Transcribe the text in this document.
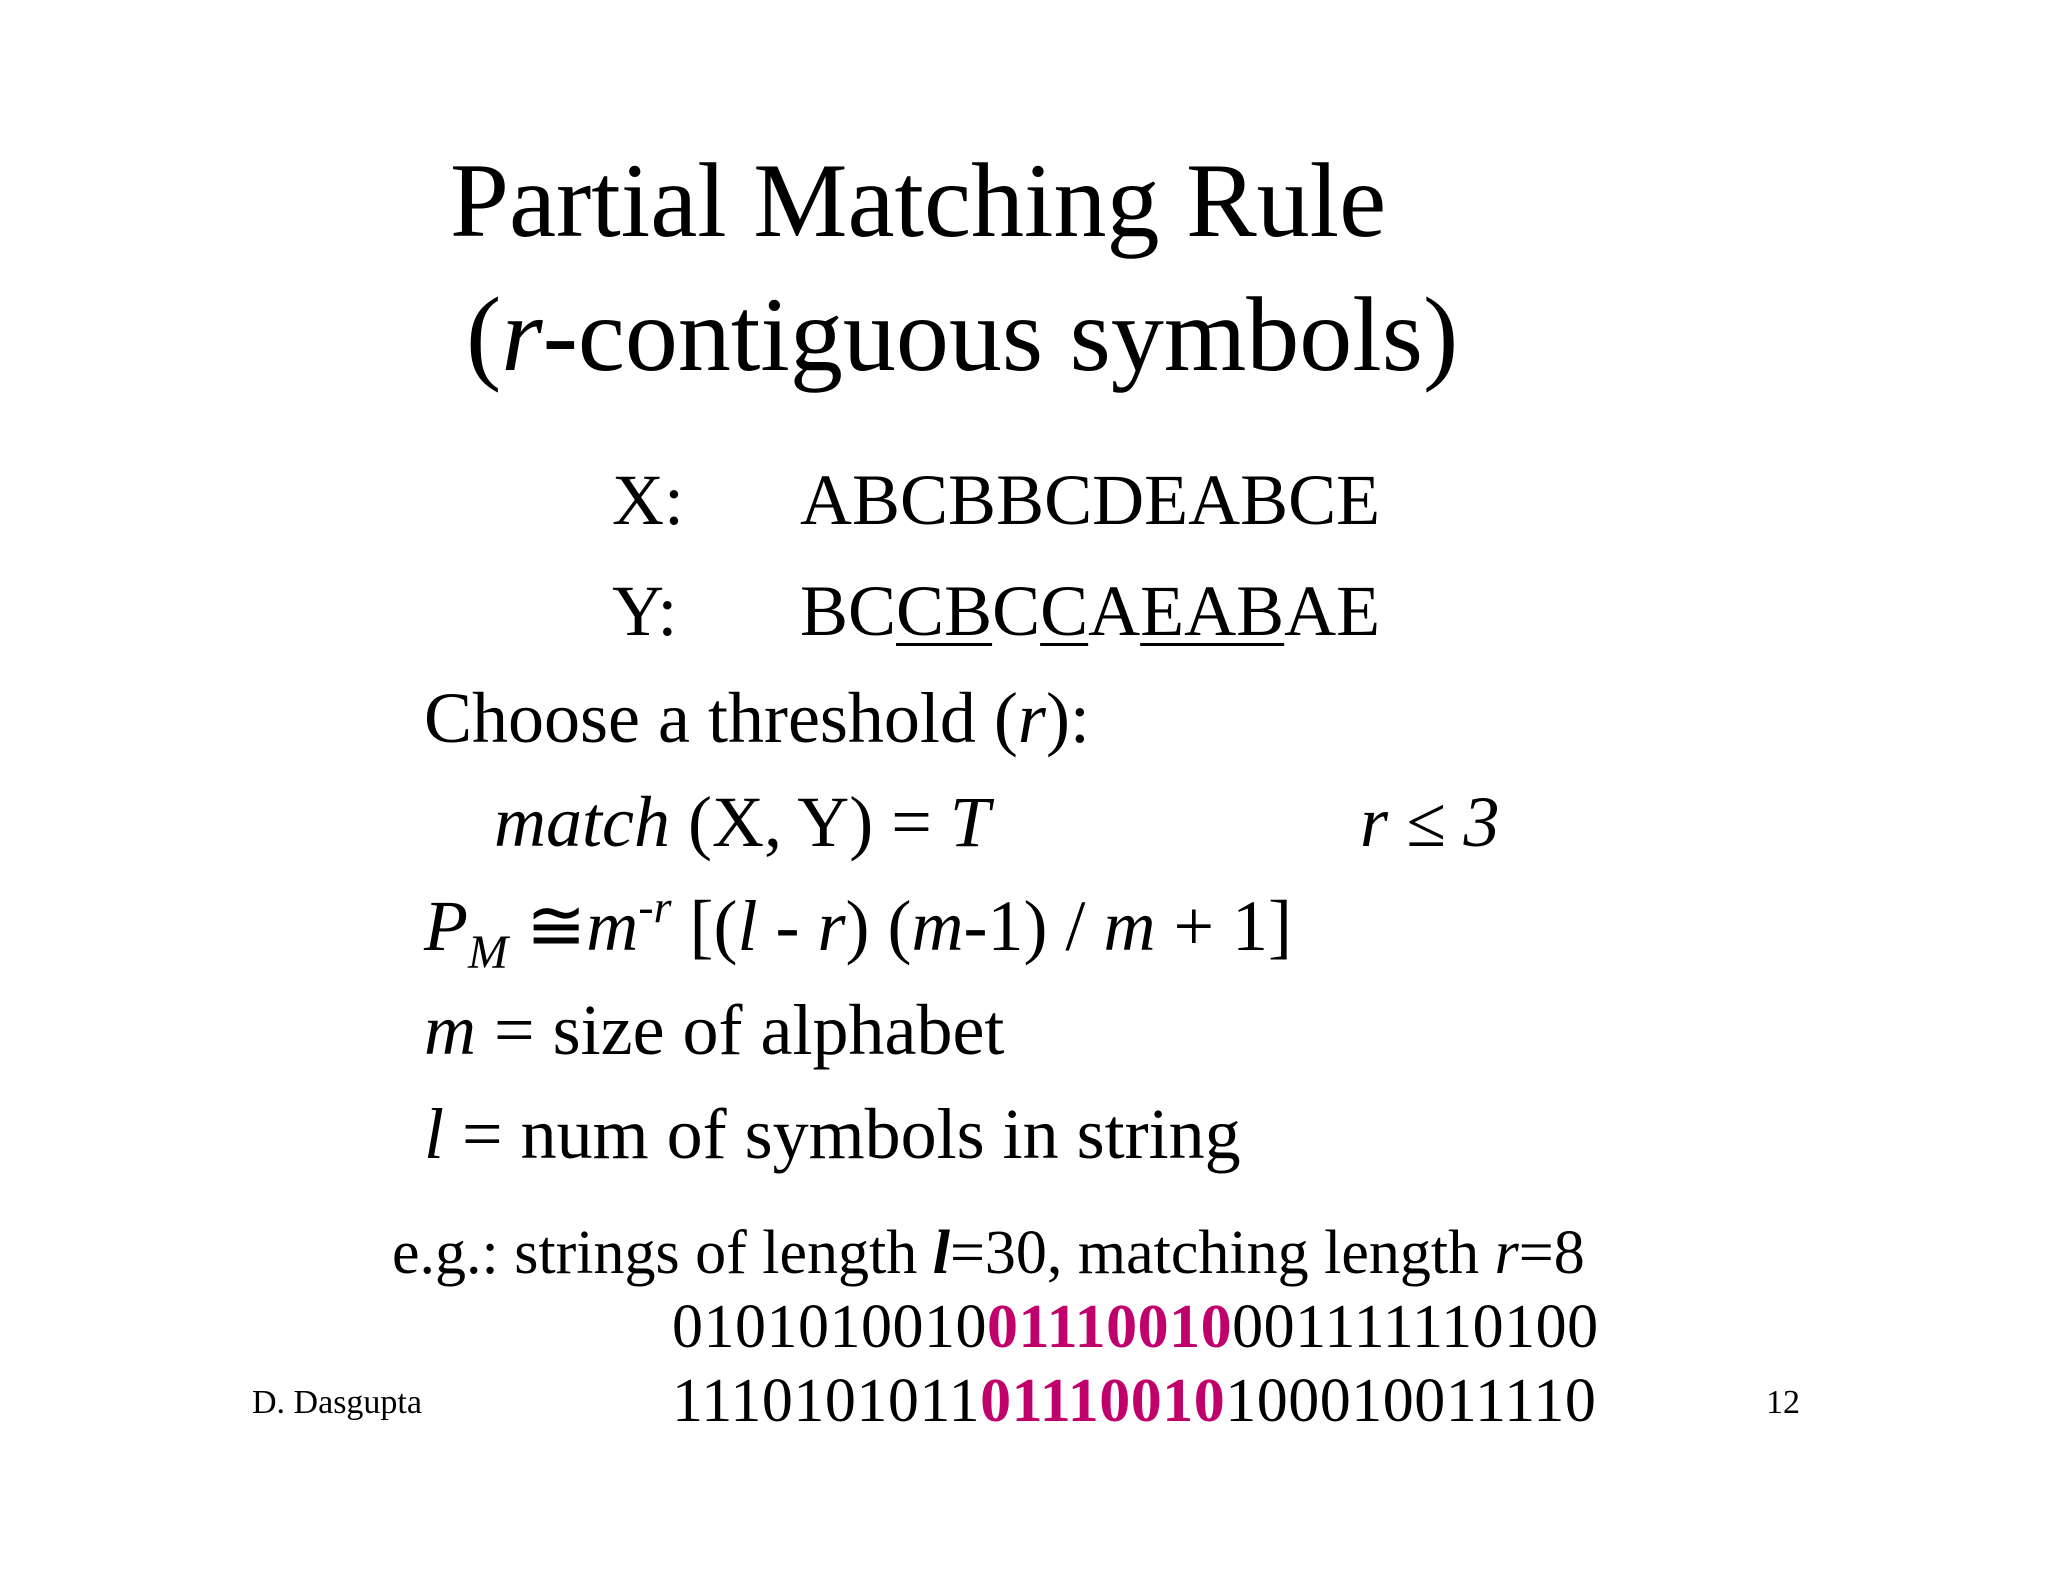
Partial Matching Rule
(r-contiguous symbols)
X: ABCBBCDEABCE
Y: BCCBCCAEABAE
Choose a threshold (r):
match (X, Y) = T	r ≤ 3
$P_M$ $≅m^{-r}$ [(l - r) (m-1) / m + 1]
m = size of alphabet
l = num of symbols in string
e.g.: strings of length l=30, matching length r=8
010101001001110010001111110100
111010101101110010100010011110
D. Dasgupta	12
